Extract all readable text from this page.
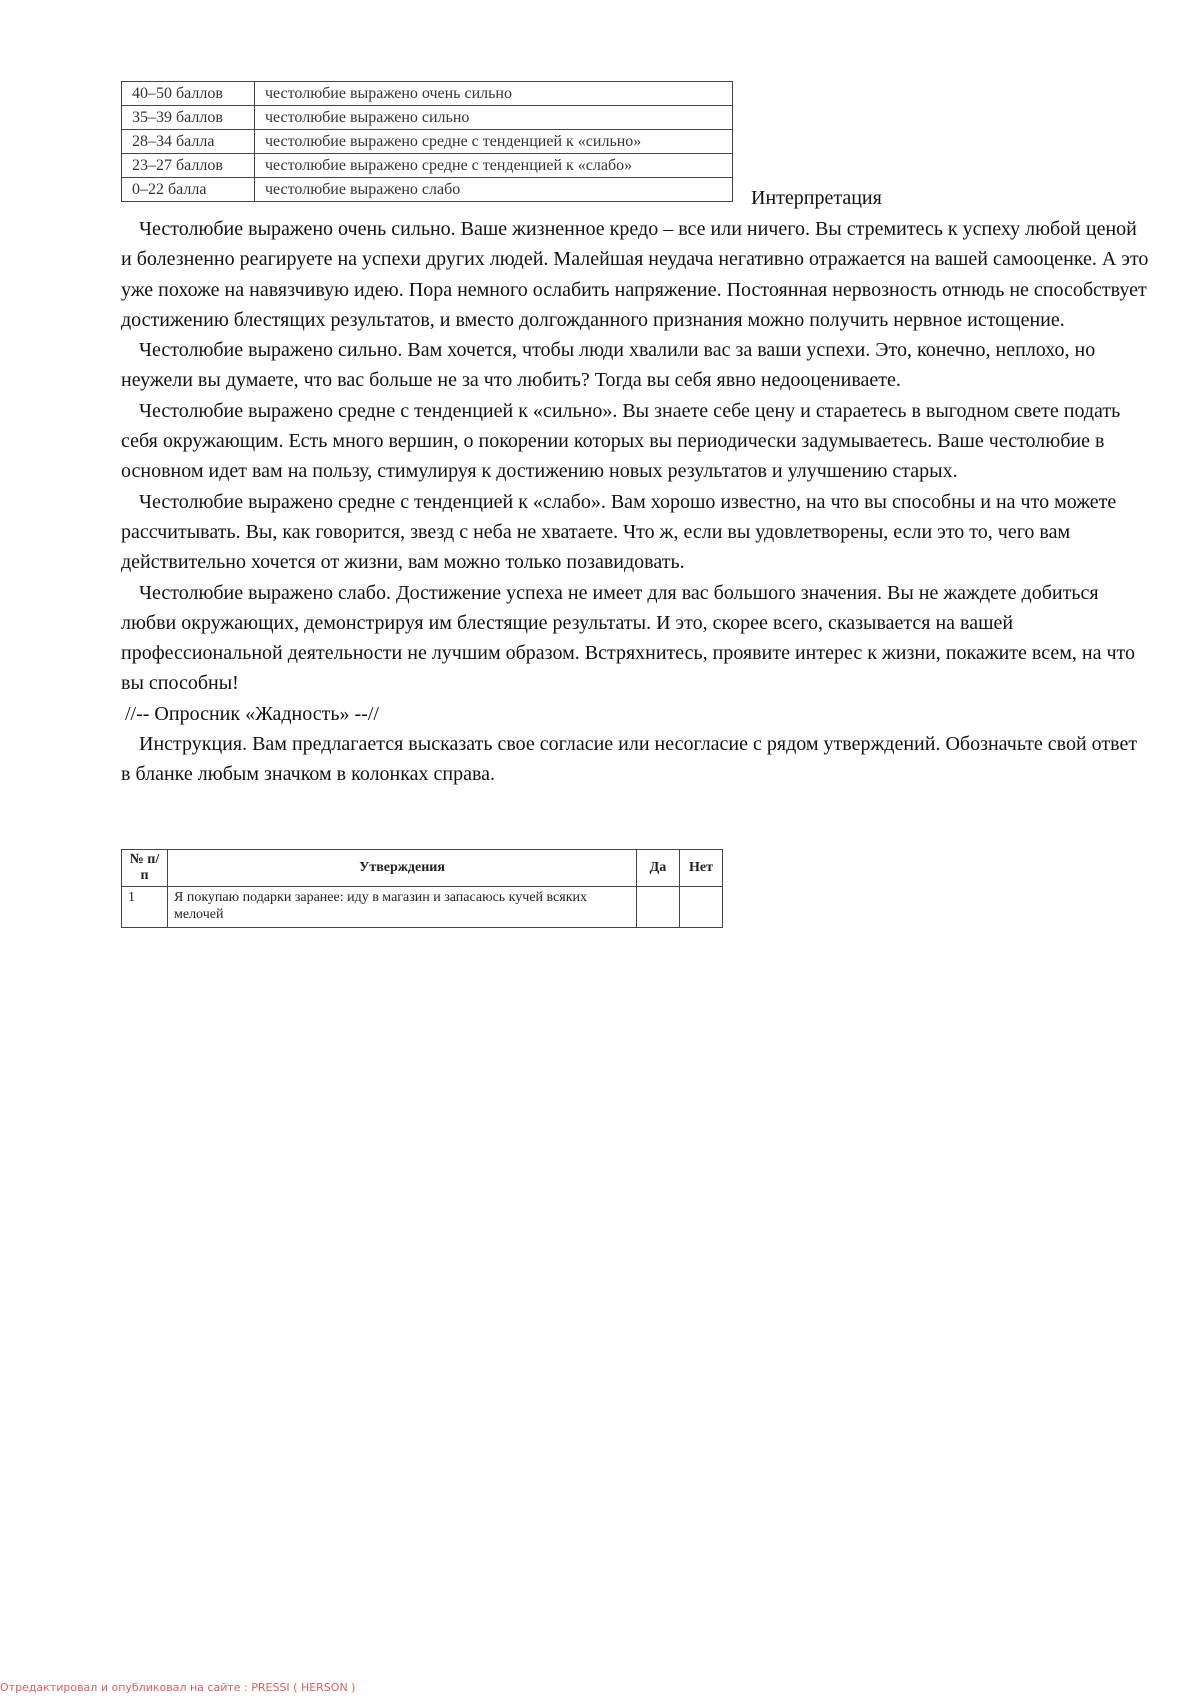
40–50 баллов	честолюбие выражено очень сильно
35–39 баллов	честолюбие выражено сильно
28–34 балла	честолюбие выражено средне с тенденцией к «сильно»
23–27 баллов	честолюбие выражено средне с тенденцией к «слабо»
0–22 балла	честолюбие выражено слабо	Интерпретация

Честолюбие выражено очень сильно. Ваше жизненное кредо – все или ничего. Вы стремитесь к успеху любой ценой и болезненно реагируете на успехи других людей. Малейшая неудача негативно отражается на вашей самооценке. А это уже похоже на навязчивую идею. Пора немного ослабить напряжение. Постоянная нервозность отнюдь не способствует достижению блестящих результатов, и вместо долгожданного признания можно получить нервное истощение.

Честолюбие выражено сильно. Вам хочется, чтобы люди хвалили вас за ваши успехи. Это, конечно, неплохо, но неужели вы думаете, что вас больше не за что любить? Тогда вы себя явно недооцениваете.

Честолюбие выражено средне с тенденцией к «сильно». Вы знаете себе цену и стараетесь в выгодном свете подать себя окружающим. Есть много вершин, о покорении которых вы периодически задумываетесь. Ваше честолюбие в основном идет вам на пользу, стимулируя к достижению новых результатов и улучшению старых.

Честолюбие выражено средне с тенденцией к «слабо». Вам хорошо известно, на что вы способны и на что можете рассчитывать. Вы, как говорится, звезд с неба не хватаете. Что ж, если вы удовлетворены, если это то, чего вам действительно хочется от жизни, вам можно только позавидовать.

Честолюбие выражено слабо. Достижение успеха не имеет для вас большого значения. Вы не жаждете добиться любви окружающих, демонстрируя им блестящие результаты. И это, скорее всего, сказывается на вашей профессиональной деятельности не лучшим образом. Встряхнитесь, проявите интерес к жизни, покажите всем, на что вы способны!

//-- Опросник «Жадность» --//

Инструкция. Вам предлагается высказать свое согласие или несогласие с рядом утверждений. Обозначьте свой ответ в бланке любым значком в колонках справа.

№ п/п	Утверждения	Да	Нет
1	Я покупаю подарки заранее: иду в магазин и запасаюсь кучей всяких мелочей		
Отредактировал и опубликовал на сайте : PRESSI ( HERSON )
